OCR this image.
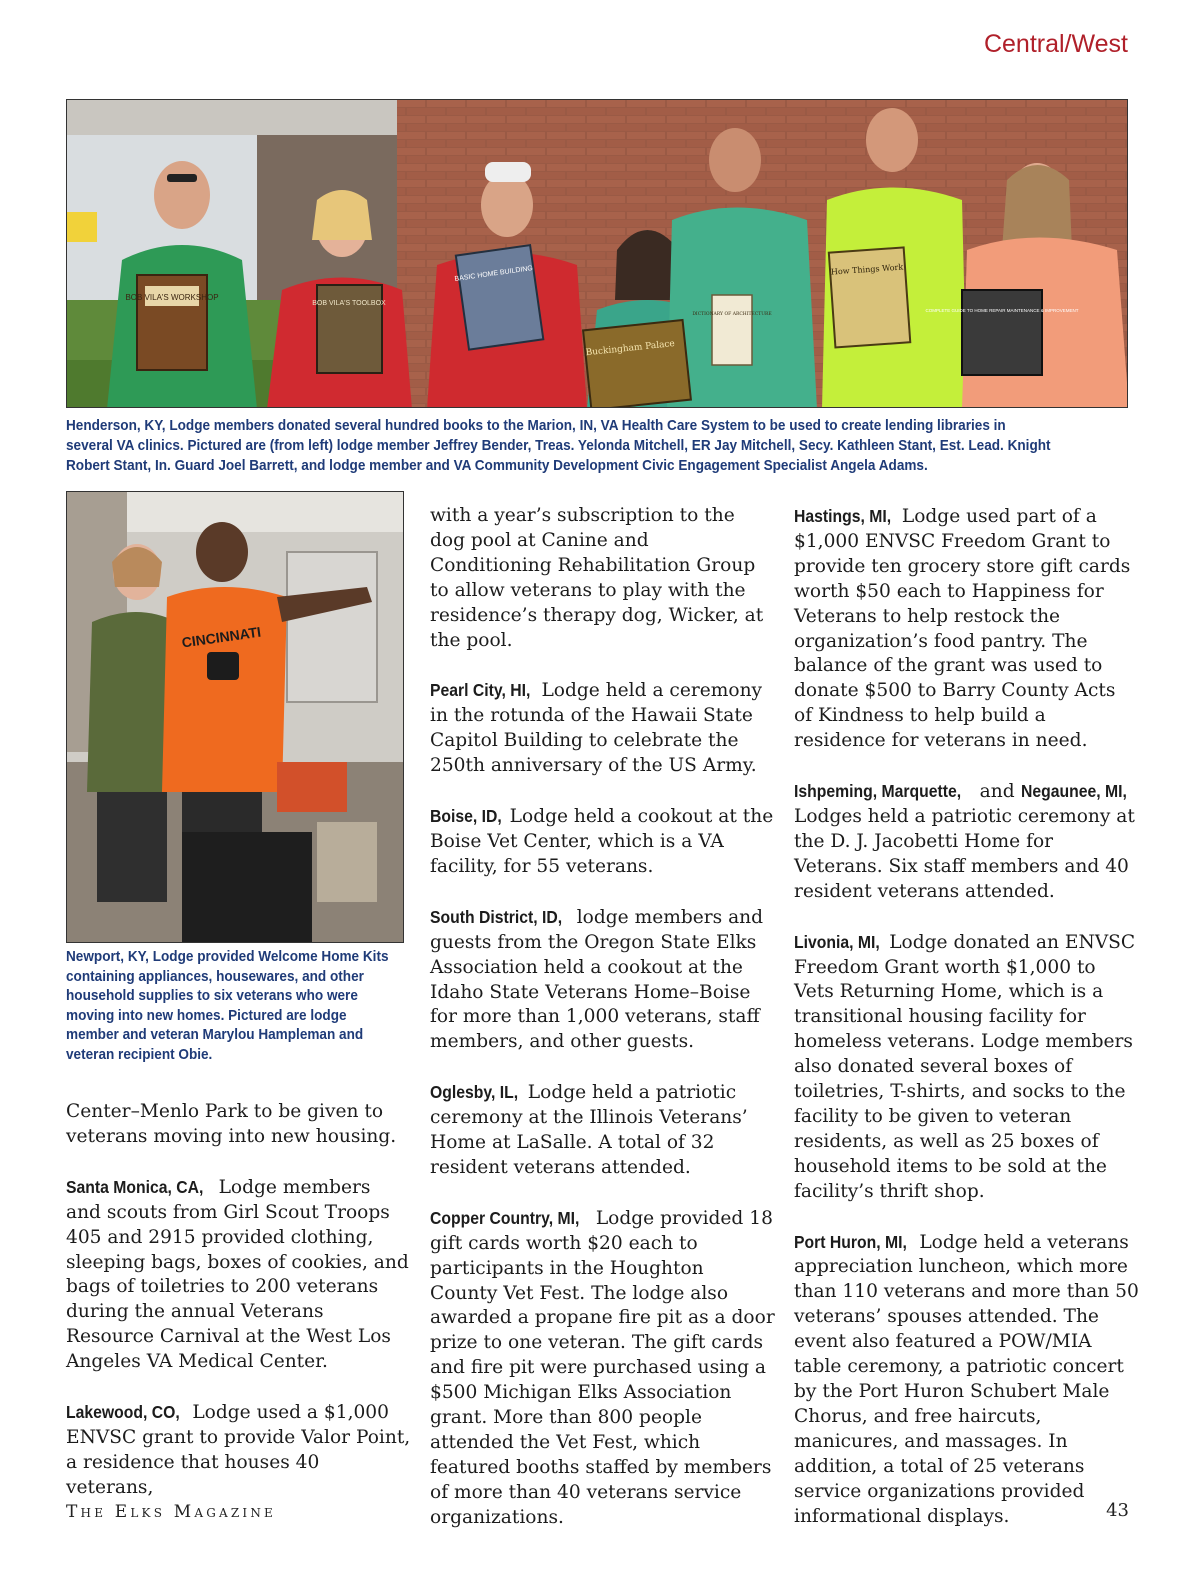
Central/West
BOB VILA'S WORKSHOP
BOB VILA'S TOOLBOX
BASIC HOME BUILDING
Buckingham Palace
DICTIONARY OF ARCHITECTURE
How Things Work
COMPLETE GUIDE TO HOME REPAIR MAINTENANCE & IMPROVEMENT
Henderson, KY, Lodge members donated several hundred books to the Marion, IN, VA Health Care System to be used to create lending libraries in several VA clinics. Pictured are (from left) lodge member Jeffrey Bender, Treas. Yelonda Mitchell, ER Jay Mitchell, Secy. Kathleen Stant, Est. Lead. Knight Robert Stant, In. Guard Joel Barrett, and lodge member and VA Community Development Civic Engagement Specialist Angela Adams.
CINCINNATI
Newport, KY, Lodge provided Welcome Home Kits containing appliances, housewares, and other household supplies to six veterans who were moving into new homes. Pictured are lodge member and veteran Marylou Hampleman and veteran recipient Obie.

Center–Menlo Park to be given to veterans moving into new housing.

Santa Monica, CA, Lodge members and scouts from Girl Scout Troops 405 and 2915 provided clothing, sleeping bags, boxes of cookies, and bags of toiletries to 200 veterans during the annual Veterans Resource Carnival at the West Los Angeles VA Medical Center.

Lakewood, CO, Lodge used a $1,000 ENVSC grant to provide Valor Point, a residence that houses 40 veterans,

with a year’s subscription to the dog pool at Canine and Conditioning Rehabilitation Group to allow veterans to play with the residence’s therapy dog, Wicker, at the pool.

Pearl City, HI, Lodge held a ceremony in the rotunda of the Hawaii State Capitol Building to celebrate the 250th anniversary of the US Army.

Boise, ID, Lodge held a cookout at the Boise Vet Center, which is a VA facility, for 55 veterans.

South District, ID, lodge members and guests from the Oregon State Elks Association held a cookout at the Idaho State Veterans Home–Boise for more than 1,000 veterans, staff members, and other guests.

Oglesby, IL, Lodge held a patriotic ceremony at the Illinois Veterans’ Home at LaSalle. A total of 32 resident veterans attended.

Copper Country, MI, Lodge provided 18 gift cards worth $20 each to participants in the Houghton County Vet Fest. The lodge also awarded a propane fire pit as a door prize to one veteran. The gift cards and fire pit were purchased using a $500 Michigan Elks Association grant. More than 800 people attended the Vet Fest, which featured booths staffed by members of more than 40 veterans service organizations.

Hastings, MI, Lodge used part of a $1,000 ENVSC Freedom Grant to provide ten grocery store gift cards worth $50 each to Happiness for Veterans to help restock the organization’s food pantry. The balance of the grant was used to donate $500 to Barry County Acts of Kindness to help build a residence for veterans in need.

Ishpeming, Marquette, and Negaunee, MI, Lodges held a patriotic ceremony at the D. J. Jacobetti Home for Veterans. Six staff members and 40 resident veterans attended.

Livonia, MI, Lodge donated an ENVSC Freedom Grant worth $1,000 to Vets Returning Home, which is a transitional housing facility for homeless veterans. Lodge members also donated several boxes of toiletries, T-shirts, and socks to the facility to be given to veteran residents, as well as 25 boxes of household items to be sold at the facility’s thrift shop.

Port Huron, MI, Lodge held a veterans appreciation luncheon, which more than 110 veterans and more than 50 veterans’ spouses attended. The event also featured a POW/MIA table ceremony, a patriotic concert by the Port Huron Schubert Male Chorus, and free haircuts, manicures, and massages. In addition, a total of 25 veterans service organizations provided informational displays.

The Elks Magazine	43
